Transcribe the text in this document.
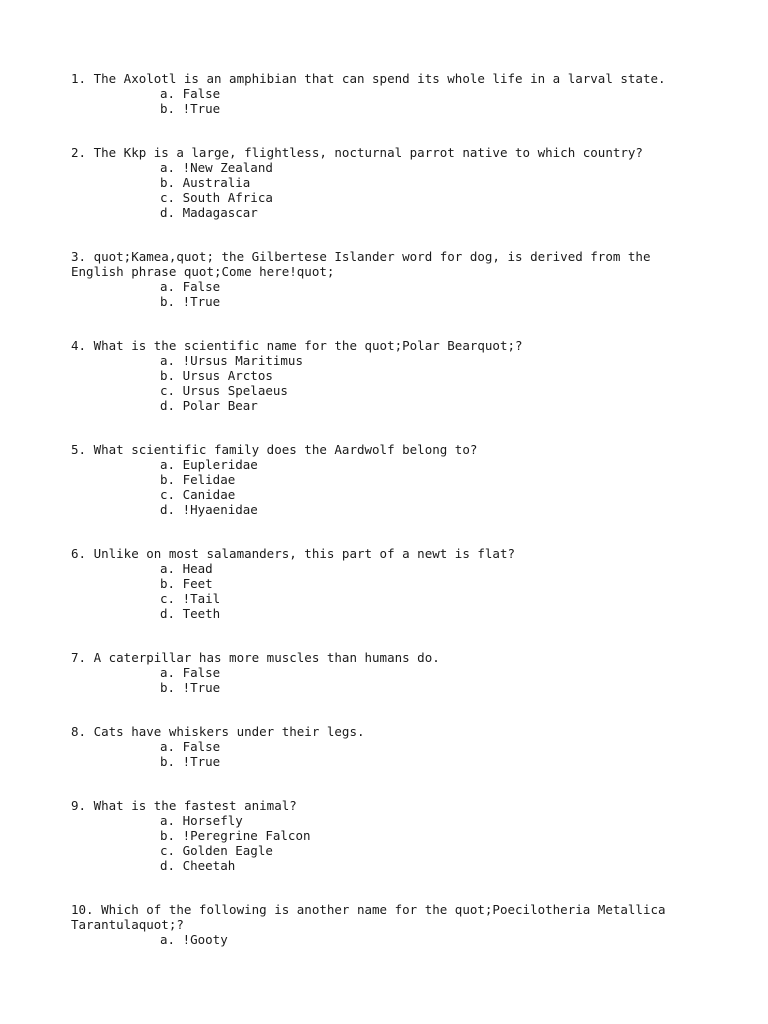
1. The Axolotl is an amphibian that can spend its whole life in a larval state.
a. False
b. !True
2. The Kkp is a large, flightless, nocturnal parrot native to which country?
a. !New Zealand
b. Australia
c. South Africa
d. Madagascar
3. quot;Kamea,quot; the Gilbertese Islander word for dog, is derived from the English phrase quot;Come here!quot;
a. False
b. !True
4. What is the scientific name for the quot;Polar Bearquot;?
a. !Ursus Maritimus
b. Ursus Arctos
c. Ursus Spelaeus
d. Polar Bear
5. What scientific family does the Aardwolf belong to?
a. Eupleridae
b. Felidae
c. Canidae
d. !Hyaenidae
6. Unlike on most salamanders, this part of a newt is flat?
a. Head
b. Feet
c. !Tail
d. Teeth
7. A caterpillar has more muscles than humans do.
a. False
b. !True
8. Cats have whiskers under their legs.
a. False
b. !True
9. What is the fastest animal?
a. Horsefly
b. !Peregrine Falcon
c. Golden Eagle
d. Cheetah
10. Which of the following is another name for the quot;Poecilotheria Metallica Tarantulaquot;?
a. !Gooty
